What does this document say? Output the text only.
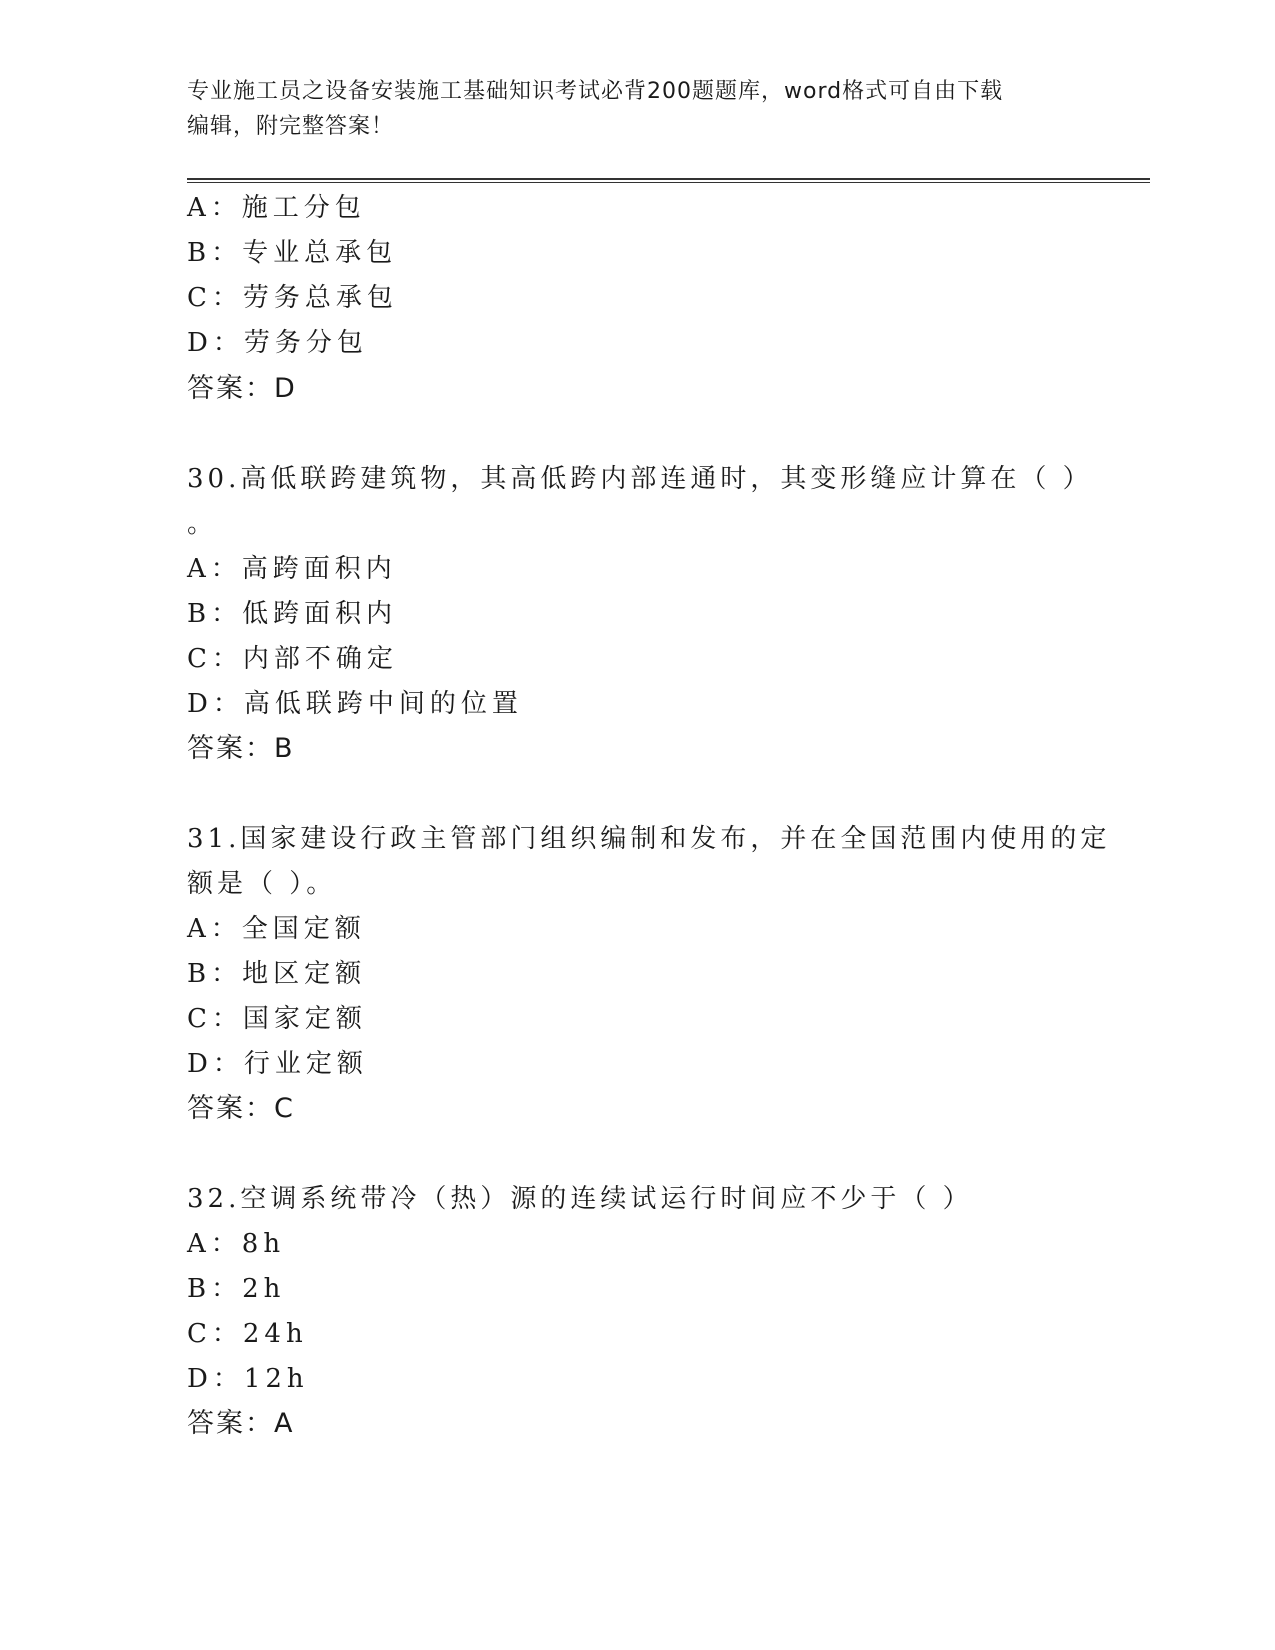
专业施工员之设备安装施工基础知识考试必背200题题库，word格式可自由下载
编辑，附完整答案！
A：施工分包
B：专业总承包
C：劳务总承包
D：劳务分包
答案：D
30.高低联跨建筑物，其高低跨内部连通时，其变形缝应计算在（ ）
。
A：高跨面积内
B：低跨面积内
C：内部不确定
D：高低联跨中间的位置
答案：B
31.国家建设行政主管部门组织编制和发布，并在全国范围内使用的定
额是（ ）。
A：全国定额
B：地区定额
C：国家定额
D：行业定额
答案：C
32.空调系统带冷（热）源的连续试运行时间应不少于（ ）
A：8h
B：2h
C：24h
D：12h
答案：A
